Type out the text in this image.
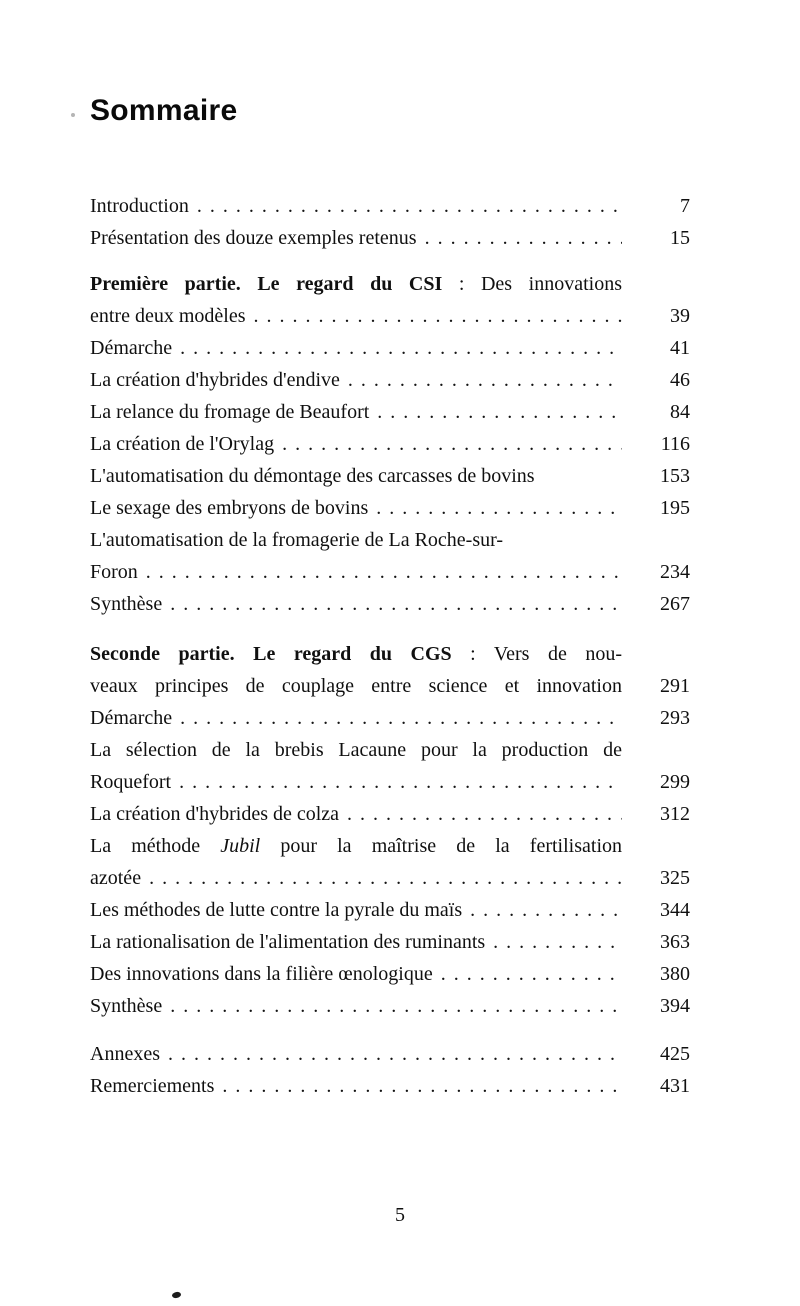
Sommaire
Introduction . . .	7
Présentation des douze exemples retenus . . .	15
Première partie. Le regard du CSI : Des innovations
entre deux modèles . . .	39
Démarche . . .	41
La création d'hybrides d'endive . . .	46
La relance du fromage de Beaufort . . .	84
La création de l'Orylag . . .	116
L'automatisation du démontage des carcasses de bovins	153
Le sexage des embryons de bovins . . .	195
L'automatisation de la fromagerie de La Roche-sur-
Foron . . .	234
Synthèse . . .	267
Seconde partie. Le regard du CGS : Vers de nou-
veaux principes de couplage entre science et innovation 291
Démarche . . .	293
La sélection de la brebis Lacaune pour la production de
Roquefort . . .	299
La création d'hybrides de colza . . .	312
La méthode Jubil pour la maîtrise de la fertilisation
azotée . . .	325
Les méthodes de lutte contre la pyrale du maïs . . .	344
La rationalisation de l'alimentation des ruminants . . .	363
Des innovations dans la filière œnologique . . .	380
Synthèse . . .	394
Annexes . . .	425
Remerciements . . .	431
5
